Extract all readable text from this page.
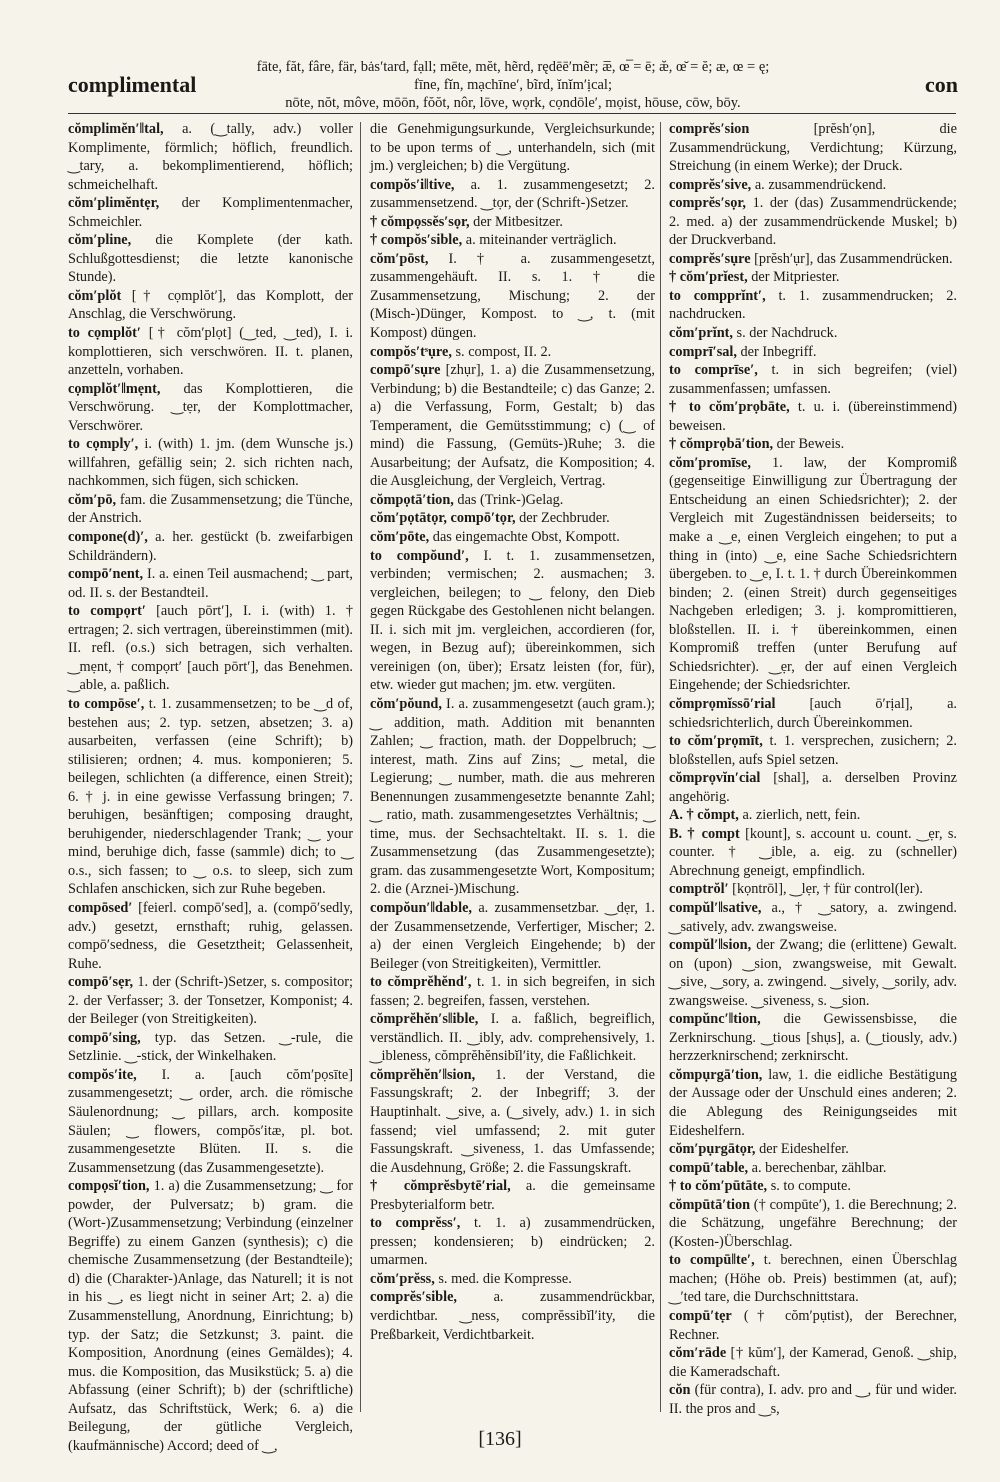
complimental
fāte, făt, fâre, fär, bȧs′tard, fạll; mēte, mĕt, hẽrd, rędēē′mẽr; æ̅, œ̅ = ē; æ̆, œ̆ = ĕ; æ, œ = ę;
fīne, fĭn, mạchīne′, bĩrd, ĭnĭm′ịcal;
nōte, nŏt, môve, mōōn, fŏŏt, nôr, lōve, wọrk, cọndōle′, mọist, hōuse, cōw, bōy.
con

cŏmplimĕn′‖tal, a. (‿tally, adv.) voller Komplimente, förmlich; höflich, freundlich. ‿tary, a. bekomplimentierend, höflich; schmeichelhaft.

cŏm′plimĕntẹr, der Komplimentenmacher, Schmeichler.

cŏm′pline, die Komplete (der kath. Schlußgottesdienst; die letzte kanonische Stunde).

cŏm′plŏt [† cọmplŏt′], das Komplott, der Anschlag, die Verschwörung.

to cọmplŏt′ [† cŏm′plọt] (‿ted, ‿ted), I. i. komplottieren, sich verschwören. II. t. planen, anzetteln, vorhaben.

cọmplŏt′‖mẹnt, das Komplottieren, die Verschwörung. ‿tẹr, der Komplottmacher, Verschwörer.

to cọmply′, i. (with) 1. jm. (dem Wunsche js.) willfahren, gefällig sein; 2. sich richten nach, nachkommen, sich fügen, sich schicken.

cŏm′pō, fam. die Zusammensetzung; die Tünche, der Anstrich.

compone(d)′, a. her. gestückt (b. zweifarbigen Schildrändern).

compō′nent, I. a. einen Teil ausmachend; ‿ part, od. II. s. der Bestandteil.

to compọrt′ [auch pōrt′], I. i. (with) 1. † ertragen; 2. sich vertragen, übereinstimmen (mit). II. refl. (o.s.) sich betragen, sich verhalten. ‿mẹnt, † compọrt′ [auch pōrt′], das Benehmen. ‿able, a. paßlich.

to compōse′, t. 1. zusammensetzen; to be ‿d of, bestehen aus; 2. typ. setzen, absetzen; 3. a) ausarbeiten, verfassen (eine Schrift); b) stilisieren; ordnen; 4. mus. komponieren; 5. beilegen, schlichten (a difference, einen Streit); 6. † j. in eine gewisse Verfassung bringen; 7. beruhigen, besänftigen; composing draught, beruhigender, niederschlagender Trank; ‿ your mind, beruhige dich, fasse (sammle) dich; to ‿ o.s., sich fassen; to ‿ o.s. to sleep, sich zum Schlafen anschicken, sich zur Ruhe begeben.

compōsed′ [feierl. compō′sed], a. (compō′sedly, adv.) gesetzt, ernsthaft; ruhig, gelassen. compō′sedness, die Gesetztheit; Gelassenheit, Ruhe.

compō′sẹr, 1. der (Schrift-)Setzer, s. compositor; 2. der Verfasser; 3. der Tonsetzer, Komponist; 4. der Beileger (von Streitigkeiten).

compō′sing, typ. das Setzen. ‿-rule, die Setzlinie. ‿-stick, der Winkelhaken.

compŏs′ite, I. a. [auch cŏm′pọsīte] zusammengesetzt; ‿ order, arch. die römische Säulenordnung; ‿ pillars, arch. kompositе Säulen; ‿ flowers, compŏs′itæ, pl. bot. zusammengesetzte Blüten. II. s. die Zusammensetzung (das Zusammengesetzte).

compọsĭ′tion, 1. a) die Zusammensetzung; ‿ for powder, der Pulversatz; b) gram. die (Wort-)Zusammensetzung; Verbindung (einzelner Begriffe) zu einem Ganzen (synthesis); c) die chemische Zusammensetzung (der Bestandteile); d) die (Charakter-)Anlage, das Naturell; it is not in his ‿, es liegt nicht in seiner Art; 2. a) die Zusammenstellung, Anordnung, Einrichtung; b) typ. der Satz; die Setzkunst; 3. paint. die Komposition, Anordnung (eines Gemäldes); 4. mus. die Komposition, das Musikstück; 5. a) die Abfassung (einer Schrift); b) der (schriftliche) Aufsatz, das Schriftstück, Werk; 6. a) die Beilegung, der gütliche Vergleich, (kaufmännische) Accord; deed of ‿,

die Genehmigungsurkunde, Vergleichsurkunde; to be upon terms of ‿, unterhandeln, sich (mit jm.) vergleichen; b) die Vergütung.

compŏs′i‖tive, a. 1. zusammengesetzt; 2. zusammensetzend. ‿tọr, der (Schrift-)Setzer.

† cŏmpọssĕs′sọr, der Mitbesitzer.

† compŏs′sible, a. miteinander verträglich.

cŏm′pōst, I. † a. zusammengesetzt, zusammengehäuft. II. s. 1. † die Zusammensetzung, Mischung; 2. der (Misch-)Dünger, Kompost. to ‿, t. (mit Kompost) düngen.

compŏs′tˢụre, s. compost, II. 2.

compō′sụre [zhụr], 1. a) die Zusammensetzung, Verbindung; b) die Bestandteile; c) das Ganze; 2. a) die Verfassung, Form, Gestalt; b) das Temperament, die Gemütsstimmung; c) (‿ of mind) die Fassung, (Gemüts-)Ruhe; 3. die Ausarbeitung; der Aufsatz, die Komposition; 4. die Ausgleichung, der Vergleich, Vertrag.

cŏmpọtā′tion, das (Trink-)Gelag.

cŏm′pọtātọr, compō′tọr, der Zechbruder.

cŏm′pōte, das eingemachte Obst, Kompott.

to compŏund′, I. t. 1. zusammensetzen, verbinden; vermischen; 2. ausmachen; 3. vergleichen, beilegen; to ‿ felony, den Dieb gegen Rückgabe des Gestohlenen nicht belangen. II. i. sich mit jm. vergleichen, accordieren (for, wegen, in Bezug auf); übereinkommen, sich vereinigen (on, über); Ersatz leisten (for, für), etw. wieder gut machen; jm. etw. vergüten.

cŏm′pŏund, I. a. zusammengesetzt (auch gram.); ‿ addition, math. Addition mit benannten Zahlen; ‿ fraction, math. der Doppelbruch; ‿ interest, math. Zins auf Zins; ‿ metal, die Legierung; ‿ number, math. die aus mehreren Benennungen zusammengesetzte benannte Zahl; ‿ ratio, math. zusammengesetztes Verhältnis; ‿ time, mus. der Sechsachteltakt. II. s. 1. die Zusammensetzung (das Zusammengesetzte); gram. das zusammengesetzte Wort, Kompositum; 2. die (Arznei-)Mischung.

compŏun′‖dable, a. zusammensetzbar. ‿dẹr, 1. der Zusammensetzende, Verfertiger, Mischer; 2. a) der einen Vergleich Eingehende; b) der Beileger (von Streitigkeiten), Vermittler.

to cŏmprĕhĕnd′, t. 1. in sich begreifen, in sich fassen; 2. begreifen, fassen, verstehen.

cŏmprĕhĕn′s‖ible, I. a. faßlich, begreiflich, verständlich. II. ‿ibly, adv. comprehensively, 1. ‿ibleness, cŏmprĕhĕnsibĭl′ity, die Faßlichkeit.

cŏmprĕhĕn′‖sion, 1. der Verstand, die Fassungskraft; 2. der Inbegriff; 3. der Hauptinhalt. ‿sive, a. (‿sively, adv.) 1. in sich fassend; viel umfassend; 2. mit guter Fassungskraft. ‿siveness, 1. das Umfassende; die Ausdehnung, Größe; 2. die Fassungskraft.

† cŏmprĕsbytē′rial, a. die gemeinsame Presbyterialform betr.

to comprĕss′, t. 1. a) zusammendrücken, pressen; kondensieren; b) eindrücken; 2. umarmen.

cŏm′prĕss, s. med. die Kompresse.

comprĕs′sible, a. zusammendrückbar, verdichtbar. ‿ness, comprĕssibĭl′ity, die Preßbarkeit, Verdichtbarkeit.

comprĕs′sion [prĕsh′ọn], die Zusammendrückung, Verdichtung; Kürzung, Streichung (in einem Werke); der Druck.

comprĕs′sive, a. zusammendrückend.

comprĕs′sọr, 1. der (das) Zusammendrückende; 2. med. a) der zusammendrückende Muskel; b) der Druckverband.

comprĕs′sụre [prĕsh′ụr], das Zusammendrücken.

† cŏm′prĭest, der Mitpriester.

to compprĭnt′, t. 1. zusammendrucken; 2. nachdrucken.

cŏm′prĭnt, s. der Nachdruck.

comprī′sal, der Inbegriff.

to comprīse′, t. in sich begreifen; (viel) zusammenfassen; umfassen.

† to cŏm′prọbāte, t. u. i. (übereinstimmend) beweisen.

† cŏmprọbā′tion, der Beweis.

cŏm′promīse, 1. law, der Kompromiß (gegenseitige Einwilligung zur Übertragung der Entscheidung an einen Schiedsrichter); 2. der Vergleich mit Zugeständnissen beiderseits; to make a ‿e, einen Vergleich eingehen; to put a thing in (into) ‿e, eine Sache Schiedsrichtern übergeben. to ‿e, I. t. 1. † durch Übereinkommen binden; 2. (einen Streit) durch gegenseitiges Nachgeben erledigen; 3. j. kompromittieren, bloßstellen. II. i. † übereinkommen, einen Kompromiß treffen (unter Berufung auf Schiedsrichter). ‿ẹr, der auf einen Vergleich Eingehende; der Schiedsrichter.

cŏmprọmĭssō′rial [auch ō′rịal], a. schiedsrichterlich, durch Übereinkommen.

to cŏm′prọmīt, t. 1. versprechen, zusichern; 2. bloßstellen, aufs Spiel setzen.

cŏmprọvĭn′cial [shal], a. derselben Provinz angehörig.

A. † cŏmpt, a. zierlich, nett, fein.

B. † compt [kount], s. account u. count. ‿ẹr, s. counter. † ‿ible, a. eig. zu (schneller) Abrechnung geneigt, empfindlich.

comptrŏl′ [kọntrōl], ‿lẹr, † für control(ler).

compŭl′‖sative, a., † ‿satory, a. zwingend. ‿satively, adv. zwangsweise.

compŭl′‖sion, der Zwang; die (erlittene) Gewalt. on (upon) ‿sion, zwangsweise, mit Gewalt. ‿sive, ‿sory, a. zwingend. ‿sively, ‿sorily, adv. zwangsweise. ‿siveness, s. ‿sion.

compŭnc′‖tion, die Gewissensbisse, die Zerknirschung. ‿tious [shụs], a. (‿tiously, adv.) herzzerknirschend; zerknirscht.

cŏmpụrgā′tion, law, 1. die eidliche Bestätigung der Aussage oder der Unschuld eines anderen; 2. die Ablegung des Reinigungseides mit Eideshelfern.

cŏm′pụrgātọr, der Eideshelfer.

compū′table, a. berechenbar, zählbar.

† to cŏm′pūtāte, s. to compute.

cŏmpūtā′tion († compūte′), 1. die Berechnung; 2. die Schätzung, ungefähre Berechnung; der (Kosten-)Überschlag.

to compū‖te′, t. berechnen, einen Überschlag machen; (Höhe ob. Preis) bestimmen (at, auf); ‿′ted tare, die Durchschnittstara.

compū′tẹr († cŏm′pụtist), der Berechner, Rechner.

cŏm′rāde [† kŭm′], der Kamerad, Genoß. ‿ship, die Kameradschaft.

cŏn (für contra), I. adv. pro and ‿, für und wider. II. the pros and ‿s,

[136]
